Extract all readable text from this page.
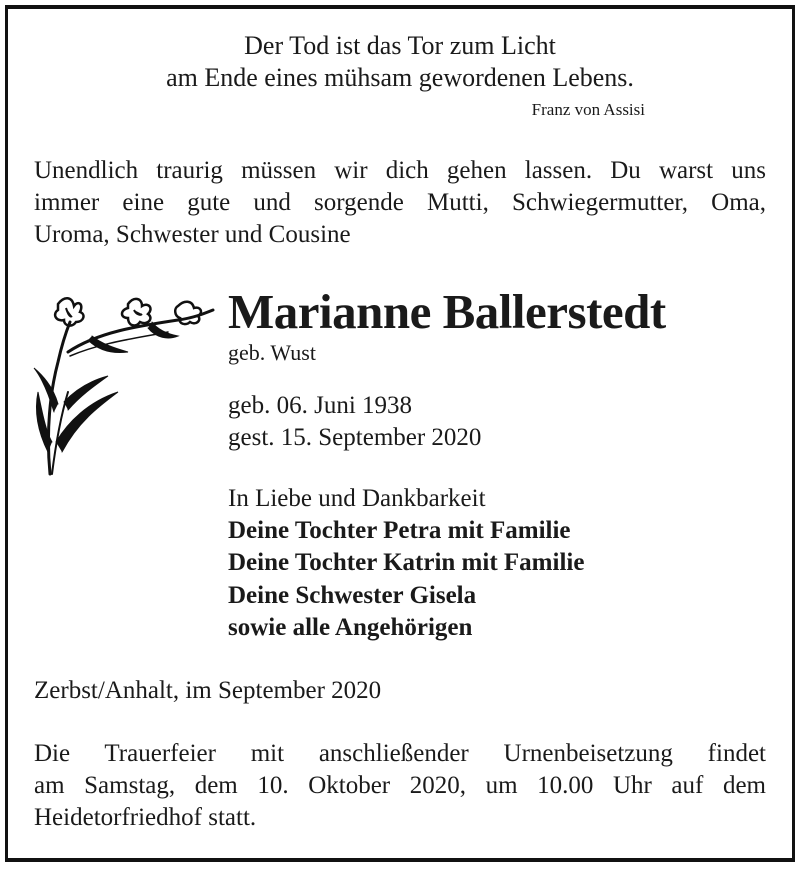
Der Tod ist das Tor zum Licht
am Ende eines mühsam gewordenen Lebens.
Franz von Assisi
Unendlich traurig müssen wir dich gehen lassen. Du warst uns
immer eine gute und sorgende Mutti, Schwiegermutter, Oma,
Uroma, Schwester und Cousine
Marianne Ballerstedt
geb. Wust
geb. 06. Juni 1938
gest. 15. September 2020
In Liebe und Dankbarkeit
Deine Tochter Petra mit Familie
Deine Tochter Katrin mit Familie
Deine Schwester Gisela
sowie alle Angehörigen
Zerbst/Anhalt, im September 2020
Die Trauerfeier mit anschließender Urnenbeisetzung findet
am Samstag, dem 10. Oktober 2020, um 10.00 Uhr auf dem
Heidetorfriedhof statt.
